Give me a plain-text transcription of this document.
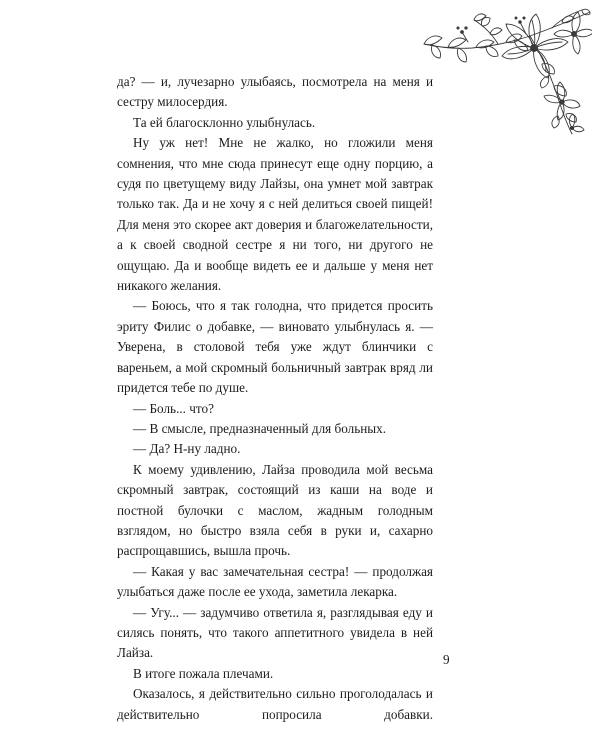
да? — и, лучезарно улыбаясь, посмотрела на меня и сестру милосердия.

Та ей благосклонно улыбнулась.

Ну уж нет! Мне не жалко, но гложили меня сомнения, что мне сюда принесут еще одну порцию, а судя по цветущему виду Лайзы, она умнет мой завтрак только так. Да и не хочу я с ней делиться своей пищей! Для меня это скорее акт доверия и благожелательности, а к своей сводной сестре я ни того, ни другого не ощущаю. Да и вообще видеть ее и дальше у меня нет никакого желания.

— Боюсь, что я так голодна, что придется просить эриту Филис о добавке, — виновато улыбнулась я. — Уверена, в столовой тебя уже ждут блинчики с вареньем, а мой скромный больничный завтрак вряд ли придется тебе по душе.

— Боль... что?

— В смысле, предназначенный для больных.

— Да? Н-ну ладно.

К моему удивлению, Лайза проводила мой весьма скромный завтрак, состоящий из каши на воде и постной булочки с маслом, жадным голодным взглядом, но быстро взяла себя в руки и, сахарно распрощавшись, вышла прочь.

— Какая у вас замечательная сестра! — продолжая улыбаться даже после ее ухода, заметила лекарка.

— Угу... — задумчиво ответила я, разглядывая еду и силясь понять, что такого аппетитного увидела в ней Лайза.

В итоге пожала плечами.

Оказалось, я действительно сильно проголодалась и действительно попросила добавки.

9
